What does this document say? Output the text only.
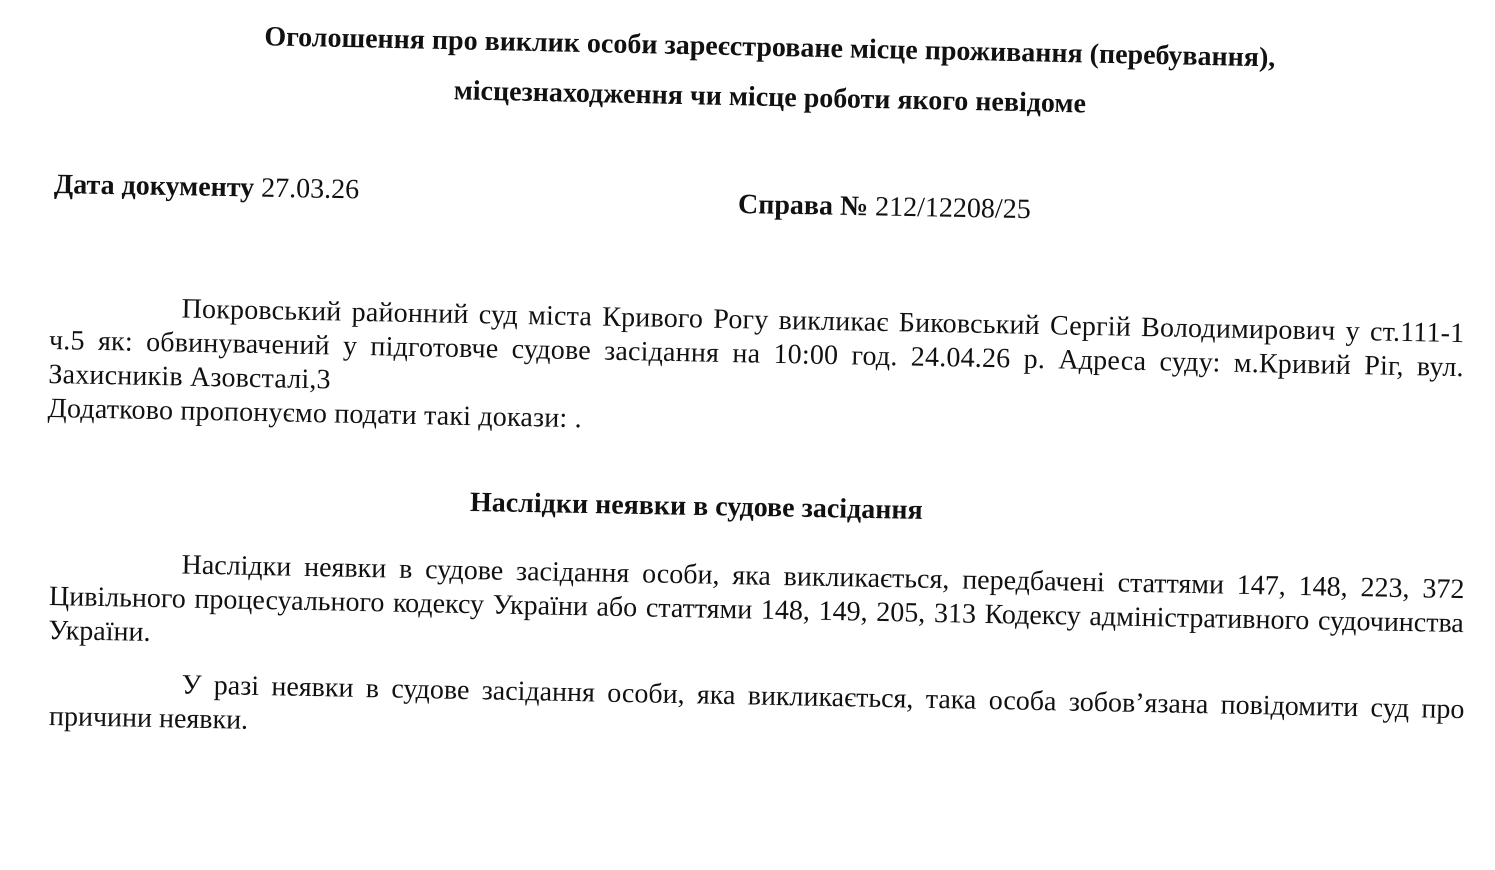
Оголошення про виклик особи зареєстроване місце проживання (перебування),
місцезнаходження чи місце роботи якого невідоме
Дата документу 27.03.26
Справа № 212/12208/25
Покровський районний суд міста Кривого Рогу викликає Биковський Сергій Володимирович у ст.111-1 ч.5 як: обвинувачений у підготовче судове засідання на 10:00 год. 24.04.26 р. Адреса суду: м.Кривий Ріг, вул. Захисників Азовсталі,3
Додатково пропонуємо подати такі докази: .
Наслідки неявки в судове засідання
Наслідки неявки в судове засідання особи, яка викликається, передбачені статтями 147, 148, 223, 372 Цивільного процесуального кодексу України або статтями 148, 149, 205, 313 Кодексу адміністративного судочинства України.
У разі неявки в судове засідання особи, яка викликається, така особа зобов’язана повідомити суд про причини неявки.
